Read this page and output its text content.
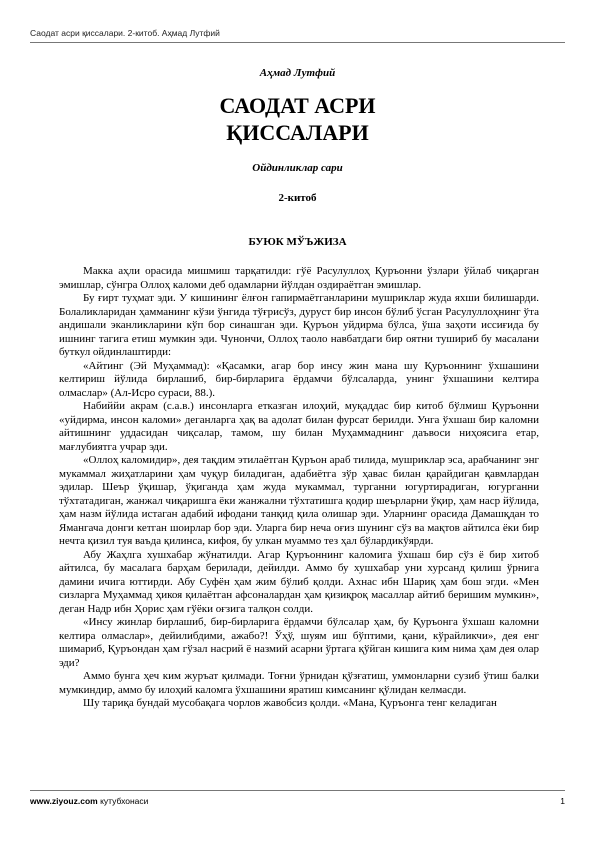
Саодат асри қиссалари. 2-китоб. Аҳмад Лутфий
Аҳмад Лутфий
САОДАТ АСРИ
ҚИССАЛАРИ
Ойдинликлар сари
2-китоб
БУЮК МЎЪЖИЗА

Макка аҳли орасида мишмиш тарқатилди: гўё Расулуллоҳ Қуръонни ўзлари ўйлаб чиқарган эмишлар, сўнгра Оллоҳ каломи деб одамларни йўлдан оздираётган эмишлар.

Бу ғирт туҳмат эди. У кишининг ёлғон гапирмаётганларини мушриклар жуда яхши билишарди. Болаликларидан ҳамманинг кўзи ўнгида тўғрисўз, дуруст бир инсон бўлиб ўсган Расулуллоҳнинг ўта андишали эканликларини кўп бор синашган эди. Қуръон уйдирма бўлса, ўша заҳоти иссиғида бу ишнинг тагига етиш мумкин эди. Чунончи, Оллоҳ таоло навбатдаги бир оятни тушириб бу масалани буткул ойдинлаштирди:

«Айтинг (Эй Муҳаммад): «Қасамки, агар бор инсу жин мана шу Қуръоннинг ўхшашини келтириш йўлида бирлашиб, бир-бирларига ёрдамчи бўлсаларда, унинг ўхшашини келтира олмаслар» (Ал-Исро сураси, 88.).

Набиййи акрам (с.а.в.) инсонларга етказган илоҳий, муқаддас бир китоб бўлмиш Қуръонни «уйдирма, инсон каломи» деганларга ҳақ ва адолат билан фурсат берилди. Унга ўхшаш бир каломни айтишнинг уддасидан чиқсалар, тамом, шу билан Муҳаммаднинг даъвоси ниҳоясига етар, мағлубиятга учрар эди.

«Оллоҳ каломидир», дея тақдим этилаётган Қуръон араб тилида, мушриклар эса, арабчанинг энг мукаммал жиҳатларини ҳам чуқур биладиган, адабиётга зўр ҳавас билан қарайдиган қавмлардан эдилар. Шеър ўқишар, ўқиганда ҳам жуда мукаммал, турганни югуртирадиган, югурганни тўхтатадиган, жанжал чиқаришга ёки жанжални тўхтатишга қодир шеърларни ўқир, ҳам наср йўлида, ҳам назм йўлида истаган адабий ифодани танқид қила олишар эди. Уларнинг орасида Дамашқдан то Ямангача донги кетган шоирлар бор эди. Уларга бир неча оғиз шунинг сўз ва мақтов айтилса ёки бир нечта қизил туя ваъда қилинса, кифоя, бу улкан муаммо тез ҳал бўлардикўярди.

Абу Жаҳлга хушхабар жўнатилди. Агар Қуръоннинг каломига ўхшаш бир сўз ё бир хитоб айтилса, бу масалага барҳам берилади, дейилди. Аммо бу хушхабар уни хурсанд қилиш ўрнига дамини ичига юттирди. Абу Суфён ҳам жим бўлиб қолди. Ахнас ибн Шариқ ҳам бош эгди. «Мен сизларга Муҳаммад ҳикоя қилаётган афсоналардан ҳам қизиқроқ масаллар айтиб беришим мумкин», деган Надр ибн Ҳорис ҳам гўёки оғзига талқон солди.

«Инсу жинлар бирлашиб, бир-бирларига ёрдамчи бўлсалар ҳам, бу Қуръонга ўхшаш каломни келтира олмаслар», дейилибдими, ажабо?! Ўҳў, шуям иш бўптими, қани, кўрайликчи», дея енг шимариб, Қуръондан ҳам гўзал насрий ё назмий асарни ўртага қўйган кишига ким нима ҳам дея олар эди?

Аммо бунга ҳеч ким журъат қилмади. Тоғни ўрнидан қўзғатиш, уммонларни сузиб ўтиш балки мумкиндир, аммо бу илоҳий каломга ўхшашини яратиш кимсанинг қўлидан келмасди.

Шу тариқа бундай мусобақага чорлов жавобсиз қолди. «Мана, Қуръонга тенг келадиган

www.ziyouz.com кутубхонаси	1
